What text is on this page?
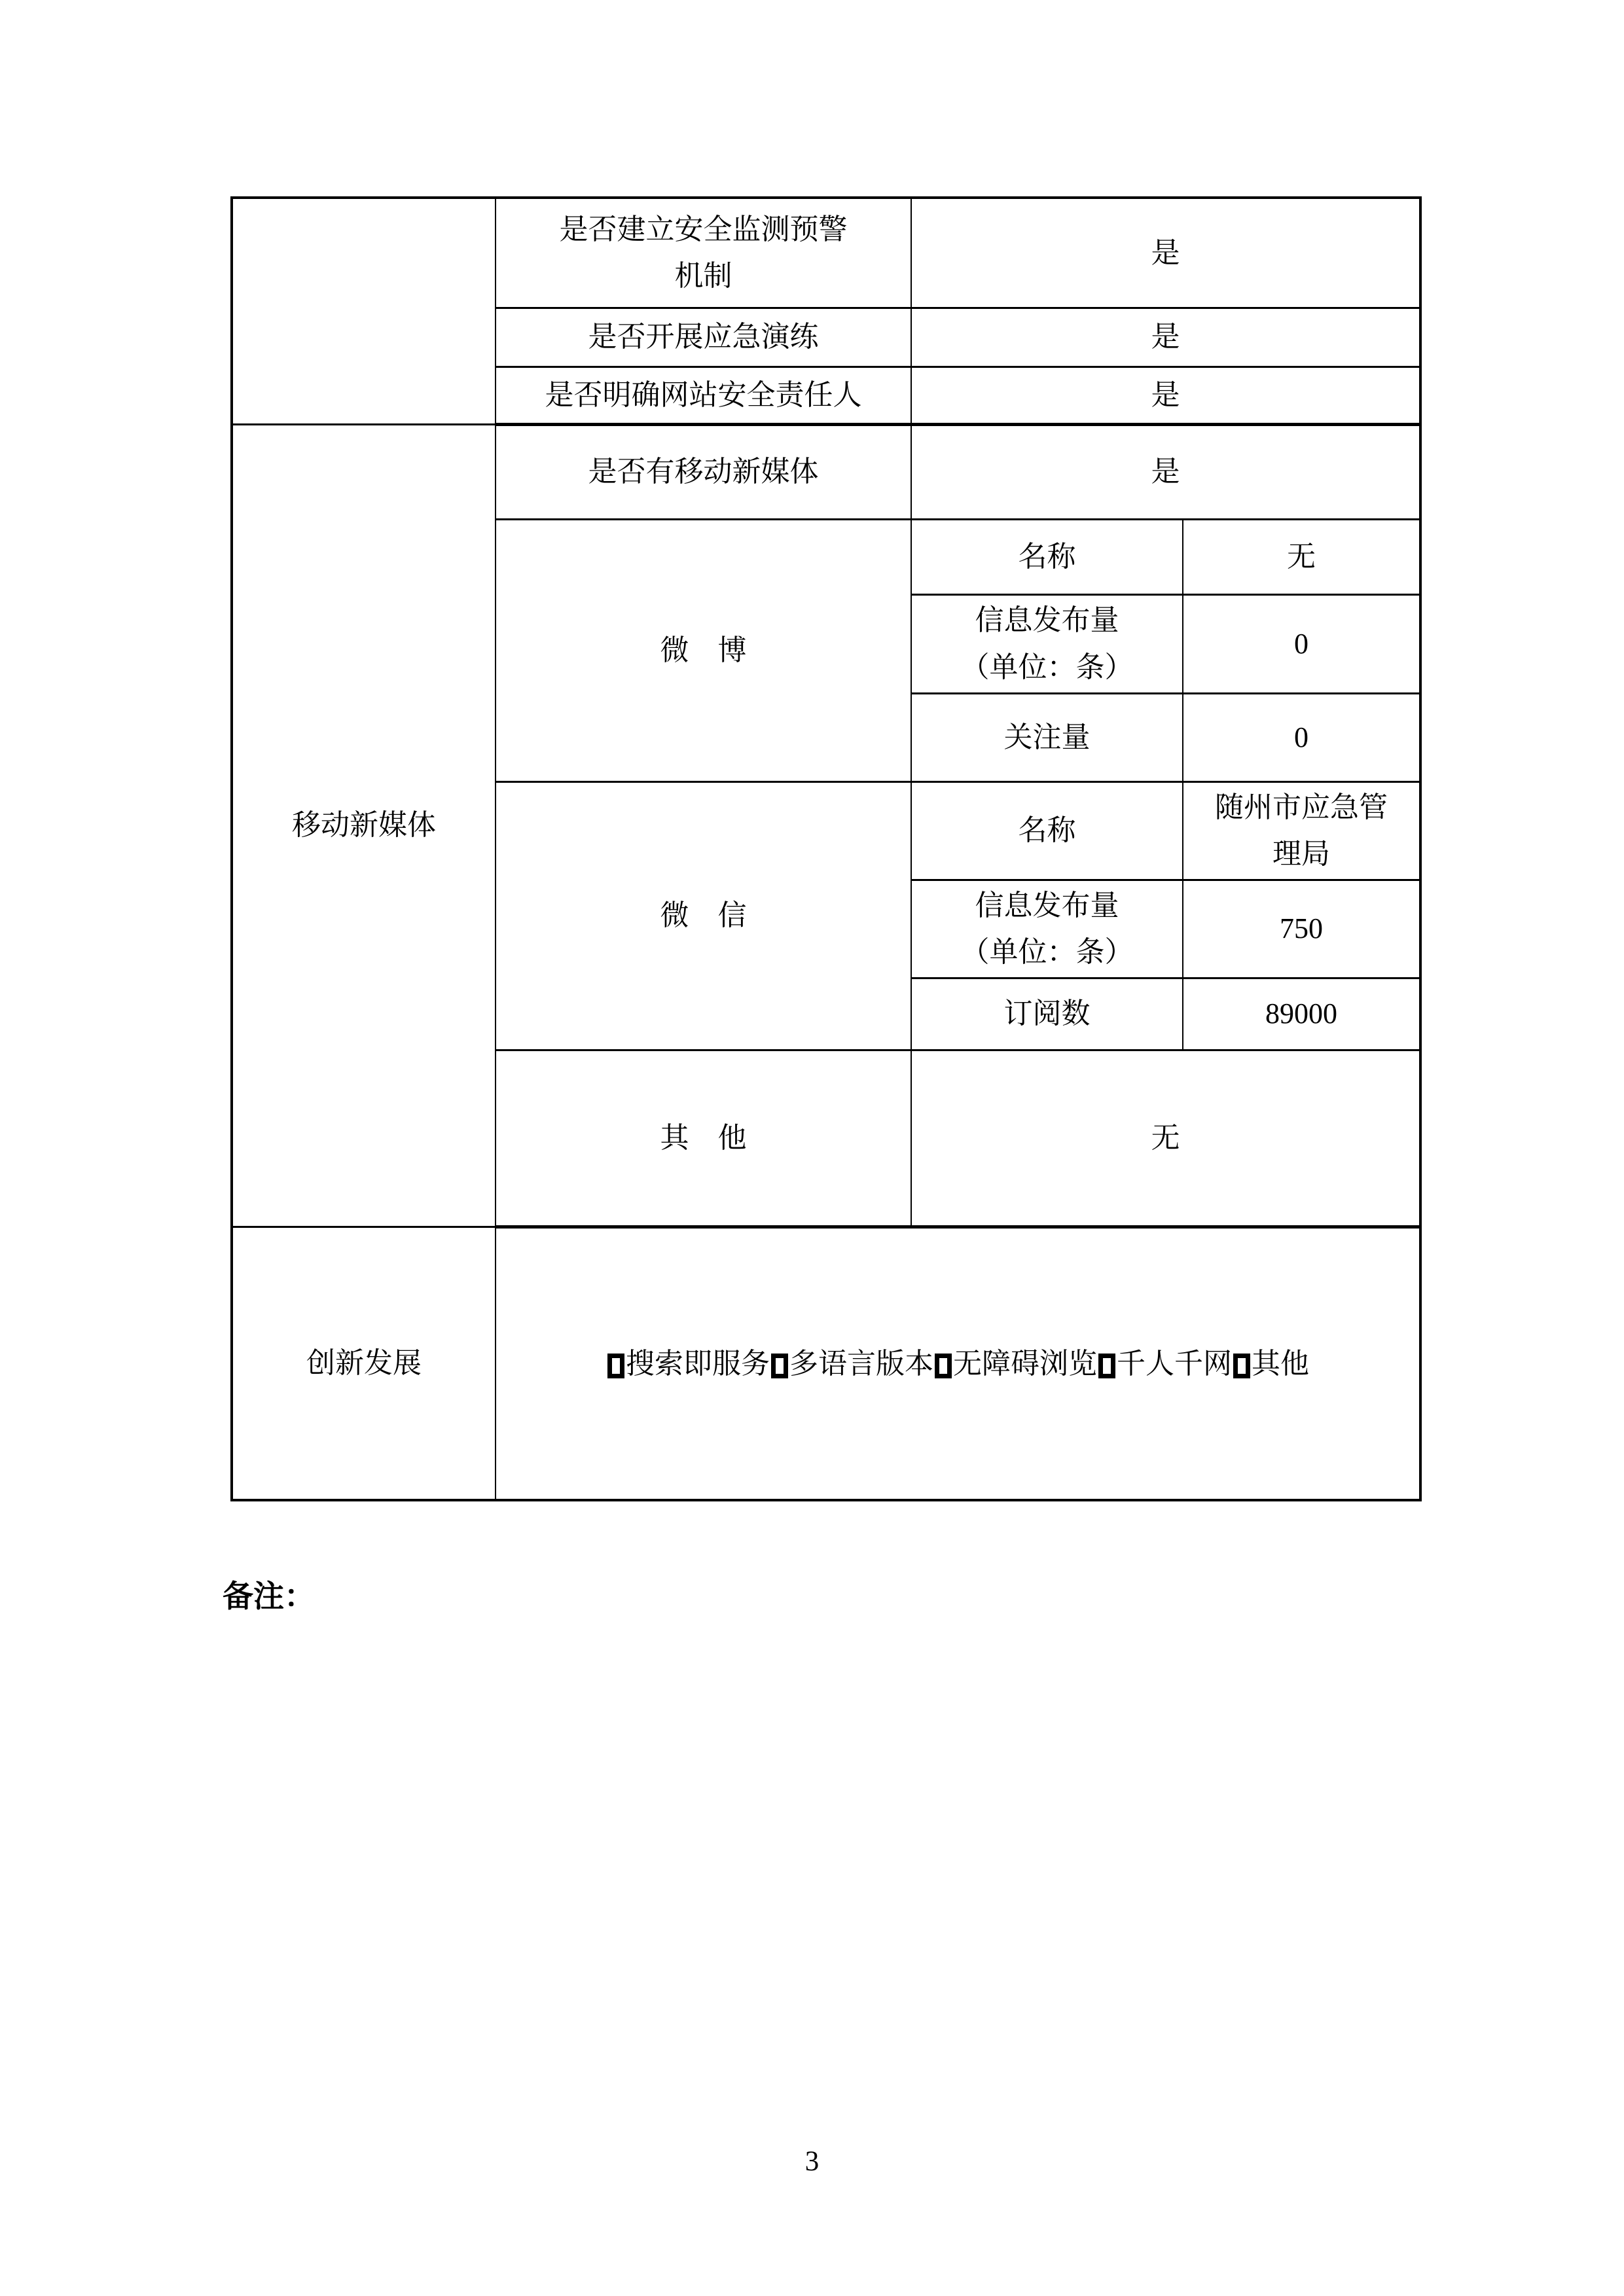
	是否建立安全监测预警机制	是	
	是否开展应急演练	是	
	是否明确网站安全责任人	是	
移动新媒体	是否有移动新媒体	是	
	微　博	名称	无

		信息发布量
（单位：条）	0
		关注量	0
	微　信	名称	随州市应急管理局

		信息发布量
（单位：条）	750
		订阅数	89000
	其　他	无	
创新发展	搜索即服务 多语言版本 无障碍浏览 千人千网 其他		
备注：
3
